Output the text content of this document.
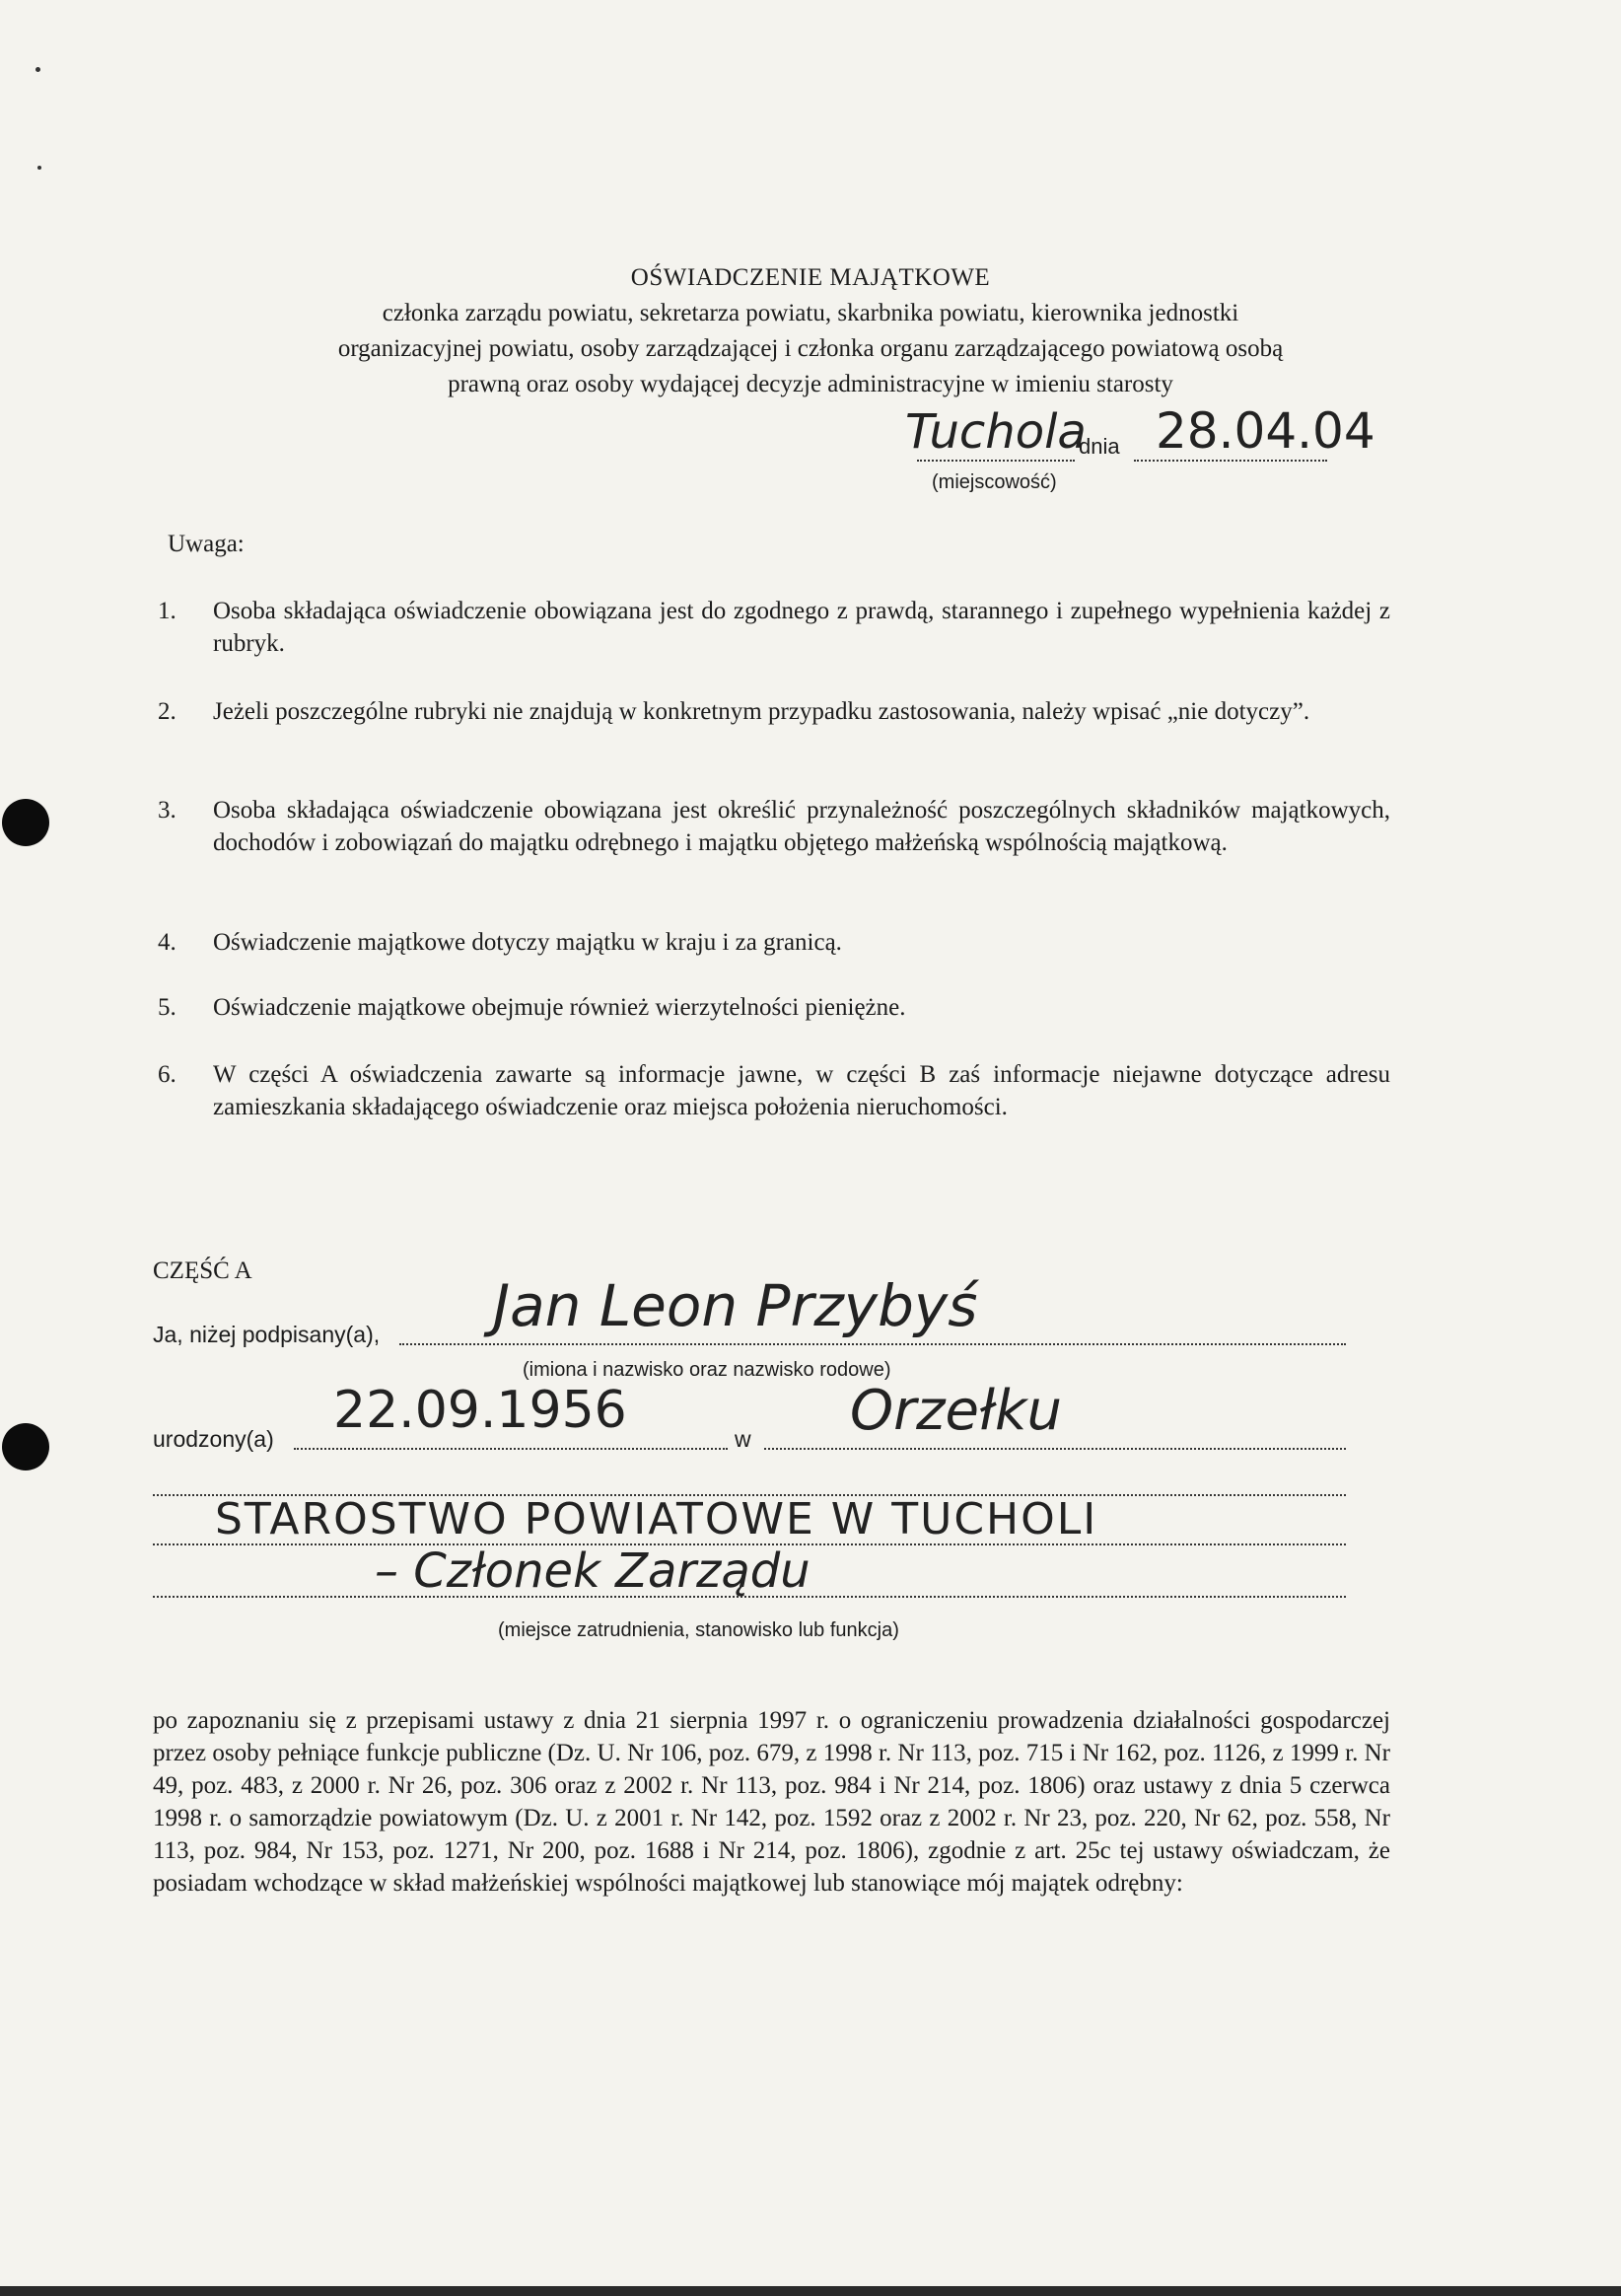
OŚWIADCZENIE MAJĄTKOWE
członka zarządu powiatu, sekretarza powiatu, skarbnika powiatu, kierownika jednostki
organizacyjnej powiatu, osoby zarządzającej i członka organu zarządzającego powiatową osobą
prawną oraz osoby wydającej decyzje administracyjne w imieniu starosty
Tuchola
dnia 28.04.04
(miejscowość)
Uwaga:
1. Osoba składająca oświadczenie obowiązana jest do zgodnego z prawdą, starannego i zupełnego wypełnienia każdej z rubryk.
2. Jeżeli poszczególne rubryki nie znajdują w konkretnym przypadku zastosowania, należy wpisać „nie dotyczy”.
3. Osoba składająca oświadczenie obowiązana jest określić przynależność poszczególnych składników majątkowych, dochodów i zobowiązań do majątku odrębnego i majątku objętego małżeńską wspólnością majątkową.
4. Oświadczenie majątkowe dotyczy majątku w kraju i za granicą.
5. Oświadczenie majątkowe obejmuje również wierzytelności pieniężne.
6. W części A oświadczenia zawarte są informacje jawne, w części B zaś informacje niejawne dotyczące adresu zamieszkania składającego oświadczenie oraz miejsca położenia nieruchomości.
CZĘŚĆ A
Ja, niżej podpisany(a), Jan Leon Przybyś
(imiona i nazwisko oraz nazwisko rodowe)
urodzony(a) 22.09.1956	w Orzełku
STAROSTWO POWIATOWE W TUCHOLI
– Członek Zarządu
(miejsce zatrudnienia, stanowisko lub funkcja)
po zapoznaniu się z przepisami ustawy z dnia 21 sierpnia 1997 r. o ograniczeniu prowadzenia działalności gospodarczej przez osoby pełniące funkcje publiczne (Dz. U. Nr 106, poz. 679, z 1998 r. Nr 113, poz. 715 i Nr 162, poz. 1126, z 1999 r. Nr 49, poz. 483, z 2000 r. Nr 26, poz. 306 oraz z 2002 r. Nr 113, poz. 984 i Nr 214, poz. 1806) oraz ustawy z dnia 5 czerwca 1998 r. o samorządzie powiatowym (Dz. U. z 2001 r. Nr 142, poz. 1592 oraz z 2002 r. Nr 23, poz. 220, Nr 62, poz. 558, Nr 113, poz. 984, Nr 153, poz. 1271, Nr 200, poz. 1688 i Nr 214, poz. 1806), zgodnie z art. 25c tej ustawy oświadczam, że posiadam wchodzące w skład małżeńskiej wspólności majątkowej lub stanowiące mój majątek odrębny:
